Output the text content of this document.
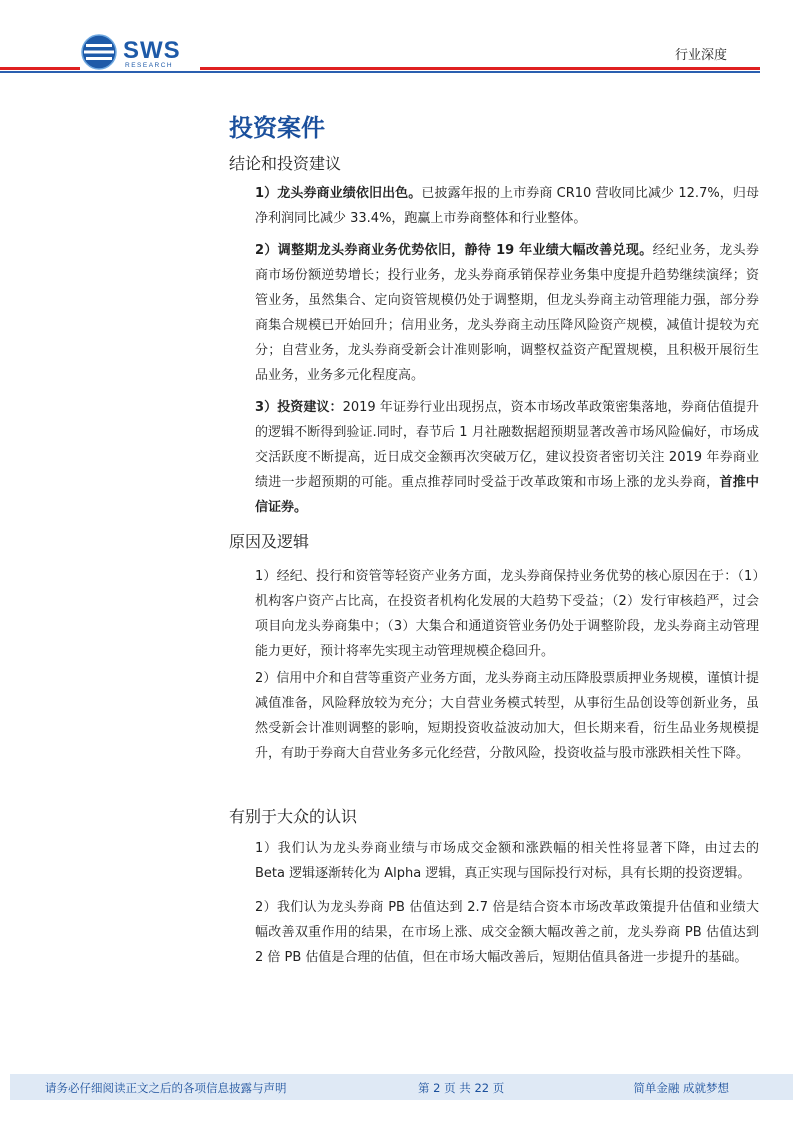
SWS
RESEARCH
行业深度
投资案件
结论和投资建议

1）龙头券商业绩依旧出色。已披露年报的上市券商 CR10 营收同比减少 12.7%，归母净利润同比减少 33.4%，跑赢上市券商整体和行业整体。

2）调整期龙头券商业务优势依旧，静待 19 年业绩大幅改善兑现。经纪业务，龙头券商市场份额逆势增长；投行业务，龙头券商承销保荐业务集中度提升趋势继续演绎；资管业务，虽然集合、定向资管规模仍处于调整期，但龙头券商主动管理能力强，部分券商集合规模已开始回升；信用业务，龙头券商主动压降风险资产规模，减值计提较为充分；自营业务，龙头券商受新会计准则影响，调整权益资产配置规模，且积极开展衍生品业务，业务多元化程度高。

3）投资建议：2019 年证券行业出现拐点，资本市场改革政策密集落地，券商估值提升的逻辑不断得到验证.同时，春节后 1 月社融数据超预期显著改善市场风险偏好，市场成交活跃度不断提高，近日成交金额再次突破万亿，建议投资者密切关注 2019 年券商业绩进一步超预期的可能。重点推荐同时受益于改革政策和市场上涨的龙头券商，首推中信证券。

原因及逻辑

1）经纪、投行和资管等轻资产业务方面，龙头券商保持业务优势的核心原因在于：（1）机构客户资产占比高，在投资者机构化发展的大趋势下受益；（2）发行审核趋严，过会项目向龙头券商集中；（3）大集合和通道资管业务仍处于调整阶段，龙头券商主动管理能力更好，预计将率先实现主动管理规模企稳回升。

2）信用中介和自营等重资产业务方面，龙头券商主动压降股票质押业务规模，谨慎计提减值准备，风险释放较为充分；大自营业务模式转型，从事衍生品创设等创新业务，虽然受新会计准则调整的影响，短期投资收益波动加大，但长期来看，衍生品业务规模提升，有助于券商大自营业务多元化经营，分散风险，投资收益与股市涨跌相关性下降。

有别于大众的认识

1）我们认为龙头券商业绩与市场成交金额和涨跌幅的相关性将显著下降，由过去的 Beta 逻辑逐渐转化为 Alpha 逻辑，真正实现与国际投行对标，具有长期的投资逻辑。

2）我们认为龙头券商 PB 估值达到 2.7 倍是结合资本市场改革政策提升估值和业绩大幅改善双重作用的结果，在市场上涨、成交金额大幅改善之前，龙头券商 PB 估值达到 2 倍 PB 估值是合理的估值，但在市场大幅改善后，短期估值具备进一步提升的基础。

请务必仔细阅读正文之后的各项信息披露与声明	第 2 页 共 22 页	简单金融 成就梦想
